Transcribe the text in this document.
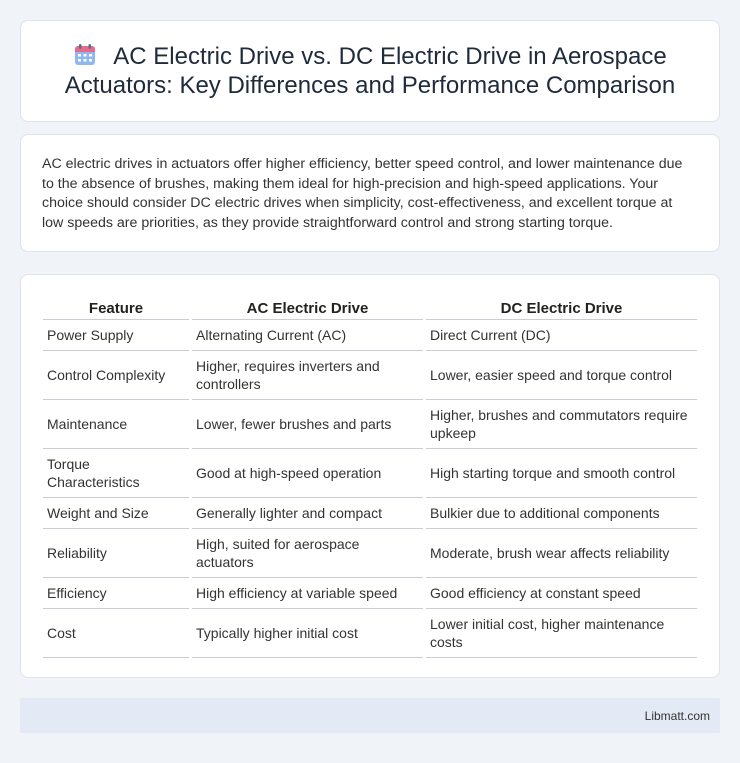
AC Electric Drive vs. DC Electric Drive in Aerospace Actuators: Key Differences and Performance Comparison

AC electric drives in actuators offer higher efficiency, better speed control, and lower maintenance due to the absence of brushes, making them ideal for high-precision and high-speed applications. Your choice should consider DC electric drives when simplicity, cost-effectiveness, and excellent torque at low speeds are priorities, as they provide straightforward control and strong starting torque.

Feature	AC Electric Drive	DC Electric Drive
Power Supply	Alternating Current (AC)	Direct Current (DC)
Control Complexity	Higher, requires inverters and controllers	Lower, easier speed and torque control
Maintenance	Lower, fewer brushes and parts	Higher, brushes and commutators require upkeep
Torque Characteristics	Good at high-speed operation	High starting torque and smooth control
Weight and Size	Generally lighter and compact	Bulkier due to additional components
Reliability	High, suited for aerospace actuators	Moderate, brush wear affects reliability
Efficiency	High efficiency at variable speed	Good efficiency at constant speed
Cost	Typically higher initial cost	Lower initial cost, higher maintenance costs
Libmatt.com
